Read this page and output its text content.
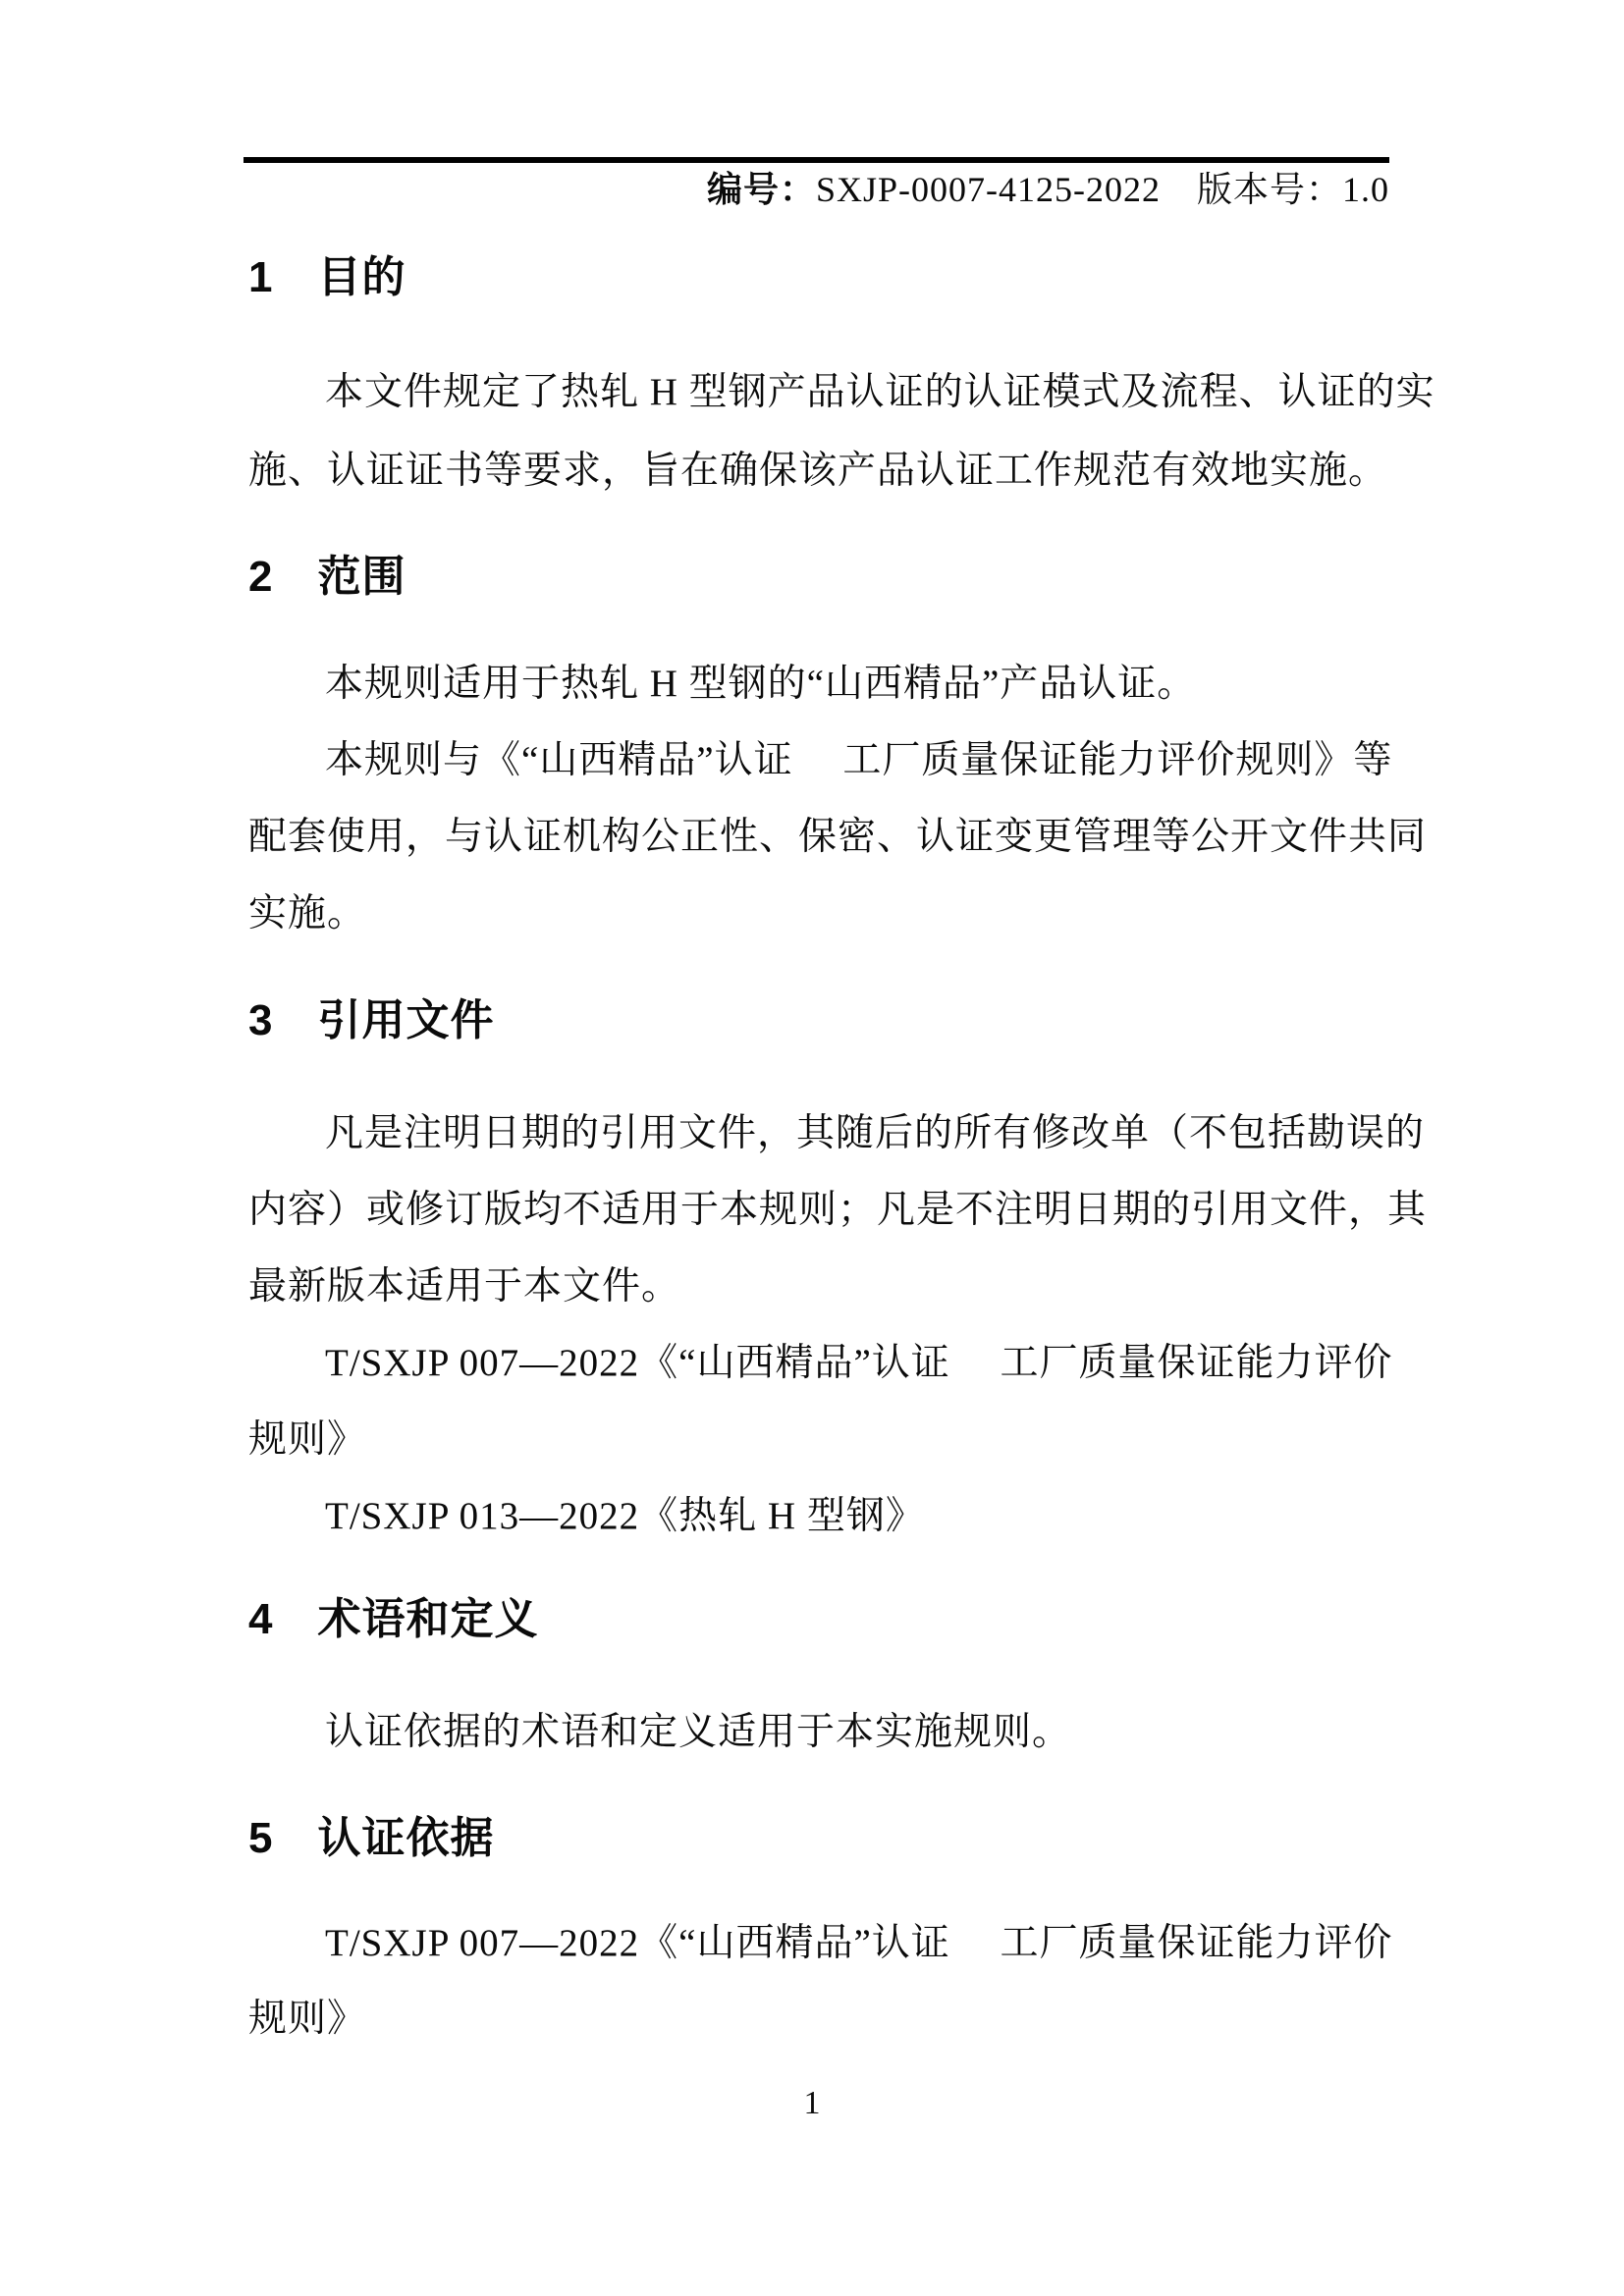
编号：SXJP-0007-4125-2022　 版本号：1.0

1　目的
本文件规定了热轧 H 型钢产品认证的认证模式及流程、认证的实
施、认证证书等要求，旨在确保该产品认证工作规范有效地实施。
2　范围
本规则适用于热轧 H 型钢的“山西精品”产品认证。
本规则与《“山西精品”认证　 工厂质量保证能力评价规则》等
配套使用，与认证机构公正性、保密、认证变更管理等公开文件共同
实施。
3　引用文件
凡是注明日期的引用文件，其随后的所有修改单（不包括勘误的
内容）或修订版均不适用于本规则；凡是不注明日期的引用文件，其
最新版本适用于本文件。
T/SXJP 007—2022《“山西精品”认证　 工厂质量保证能力评价
规则》
T/SXJP 013—2022《热轧 H 型钢》
4　术语和定义
认证依据的术语和定义适用于本实施规则。
5　认证依据
T/SXJP 007—2022《“山西精品”认证　 工厂质量保证能力评价
规则》
1
